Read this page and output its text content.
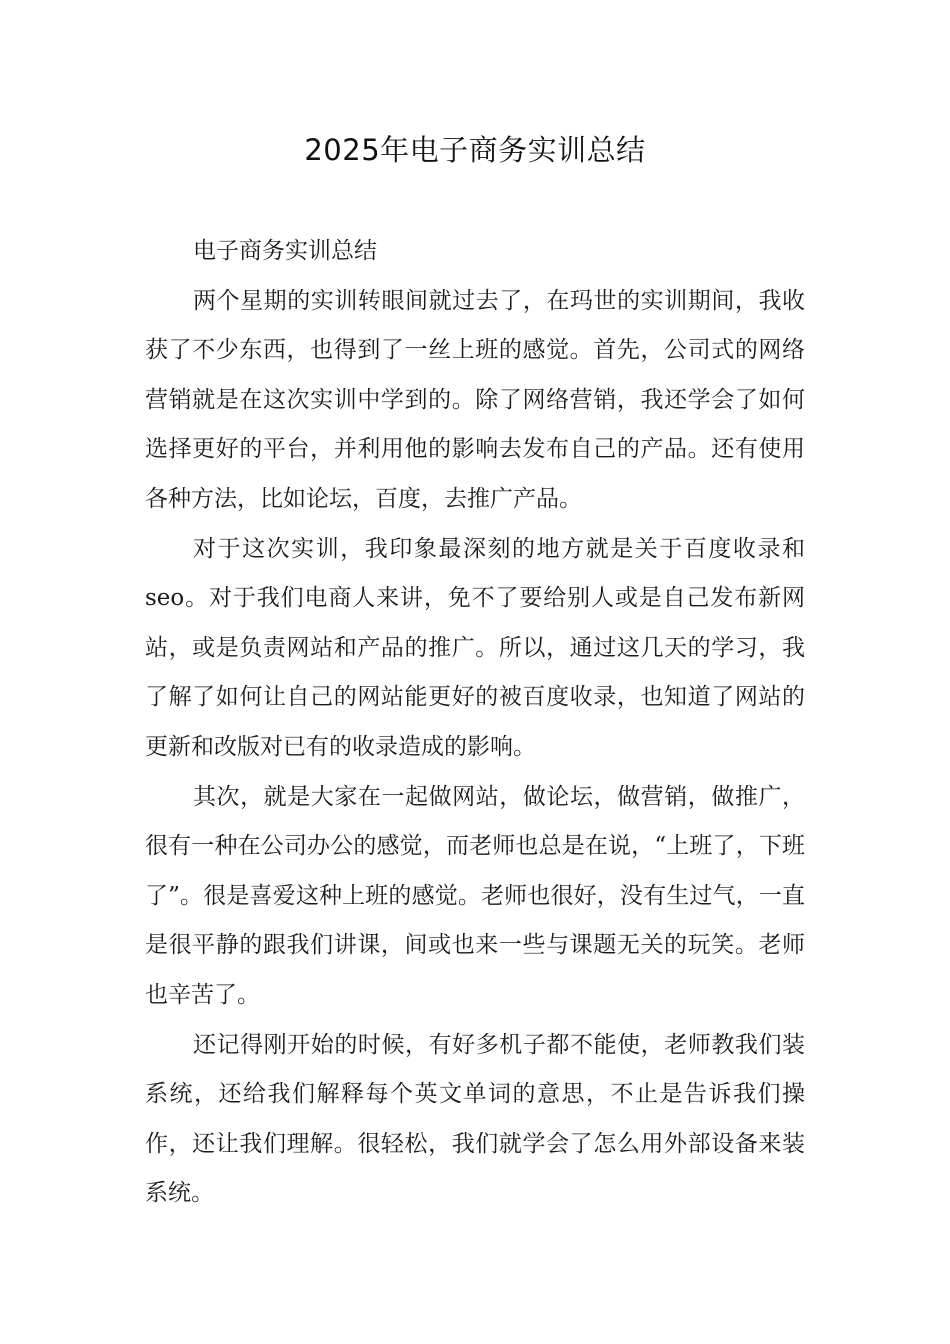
2025年电子商务实训总结

电子商务实训总结

两个星期的实训转眼间就过去了，在玛世的实训期间，我收获了不少东西，也得到了一丝上班的感觉。首先，公司式的网络营销就是在这次实训中学到的。除了网络营销，我还学会了如何选择更好的平台，并利用他的影响去发布自己的产品。还有使用各种方法，比如论坛，百度，去推广产品。

对于这次实训，我印象最深刻的地方就是关于百度收录和seo。对于我们电商人来讲，免不了要给别人或是自己发布新网站，或是负责网站和产品的推广。所以，通过这几天的学习，我了解了如何让自己的网站能更好的被百度收录，也知道了网站的更新和改版对已有的收录造成的影响。

其次，就是大家在一起做网站，做论坛，做营销，做推广，很有一种在公司办公的感觉，而老师也总是在说，“上班了，下班了”。很是喜爱这种上班的感觉。老师也很好，没有生过气，一直是很平静的跟我们讲课，间或也来一些与课题无关的玩笑。老师也辛苦了。

还记得刚开始的时候，有好多机子都不能使，老师教我们装系统，还给我们解释每个英文单词的意思，不止是告诉我们操作，还让我们理解。很轻松，我们就学会了怎么用外部设备来装系统。
